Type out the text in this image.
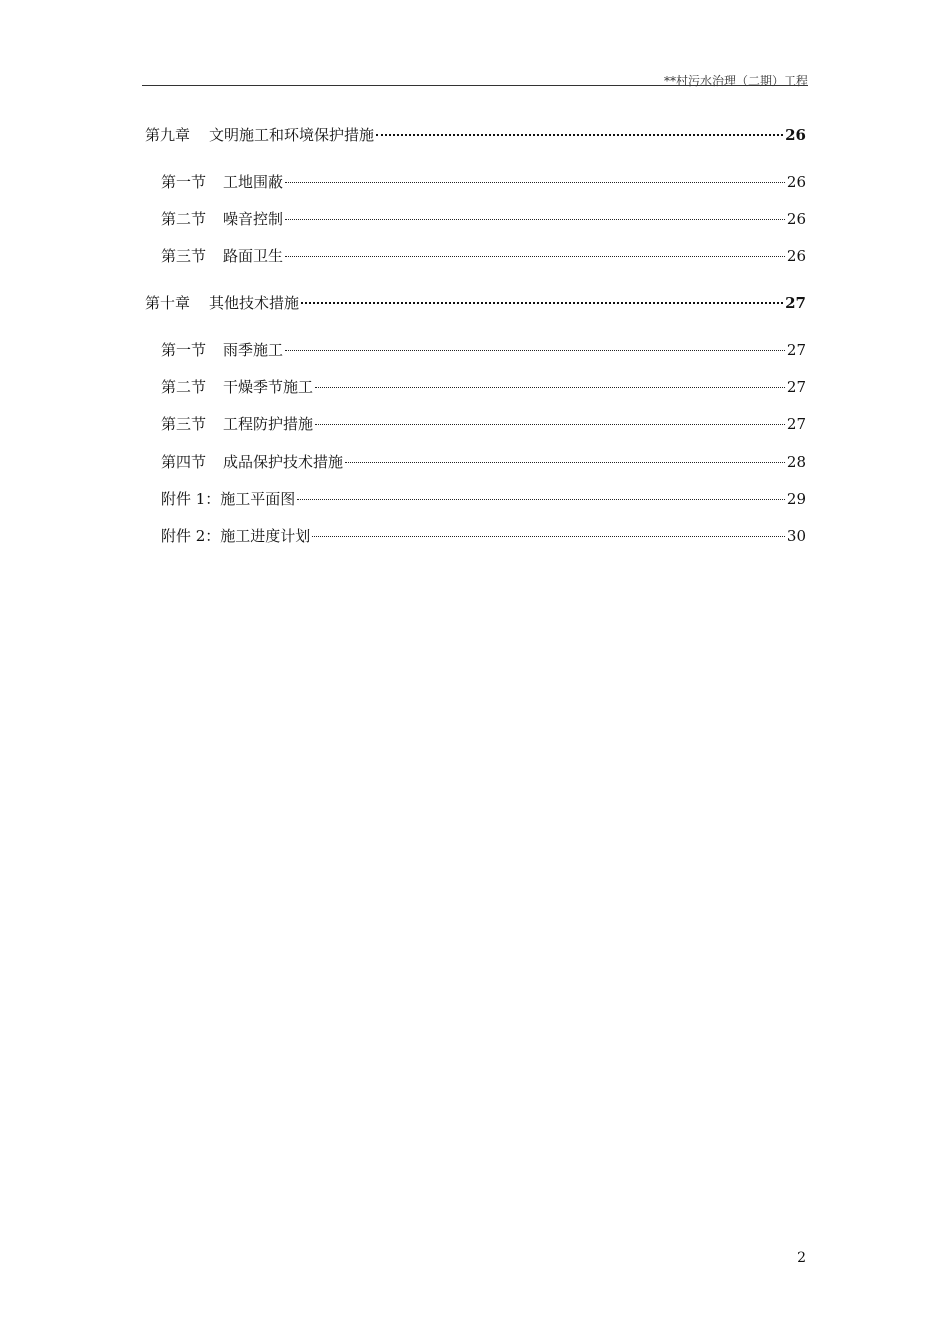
**村污水治理（二期）工程
第九章	文明施工和环境保护措施	26
第一节	工地围蔽	26
第二节	噪音控制	26
第三节	路面卫生	26
第十章	其他技术措施	27
第一节	雨季施工	27
第二节	干燥季节施工	27
第三节	工程防护措施	27
第四节	成品保护技术措施	28
附件 1：施工平面图	29
附件 2：施工进度计划	30
2
